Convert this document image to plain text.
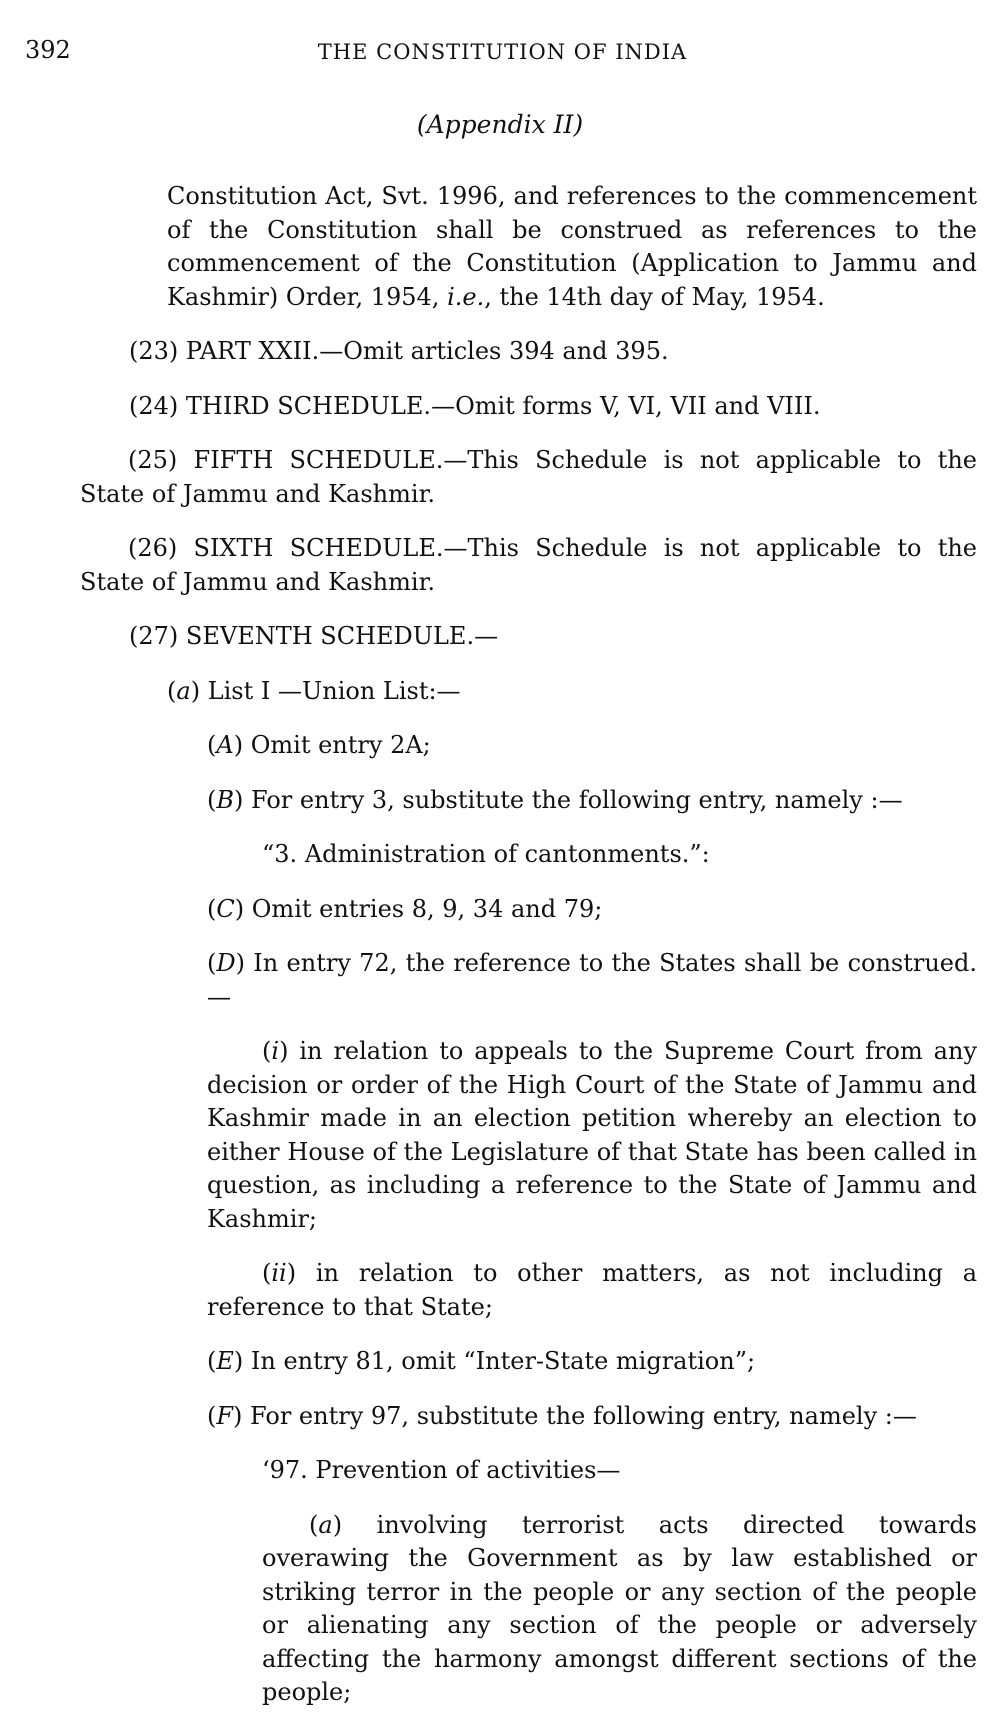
392	THE CONSTITUTION OF INDIA
(Appendix II)

Constitution Act, Svt. 1996, and references to the commencement of the Constitution shall be construed as references to the commencement of the Constitution (Application to Jammu and Kashmir) Order, 1954, i.e., the 14th day of May, 1954.

(23) PART XXII.—Omit articles 394 and 395.

(24) THIRD SCHEDULE.—Omit forms V, VI, VII and VIII.

(25) FIFTH SCHEDULE.—This Schedule is not applicable to the State of Jammu and Kashmir.

(26) SIXTH SCHEDULE.—This Schedule is not applicable to the State of Jammu and Kashmir.

(27) SEVENTH SCHEDULE.—

(a) List I —Union List:—

(A) Omit entry 2A;

(B) For entry 3, substitute the following entry, namely :—

“3. Administration of cantonments.”:

(C) Omit entries 8, 9, 34 and 79;

(D) In entry 72, the reference to the States shall be construed.—

(i) in relation to appeals to the Supreme Court from any decision or order of the High Court of the State of Jammu and Kashmir made in an election petition whereby an election to either House of the Legislature of that State has been called in question, as including a reference to the State of Jammu and Kashmir;

(ii) in relation to other matters, as not including a reference to that State;

(E) In entry 81, omit “Inter-State migration”;

(F) For entry 97, substitute the following entry, namely :—

‘97. Prevention of activities—

(a) involving terrorist acts directed towards overawing the Government as by law established or striking terror in the people or any section of the people or alienating any section of the people or adversely affecting the harmony amongst different sections of the people;
